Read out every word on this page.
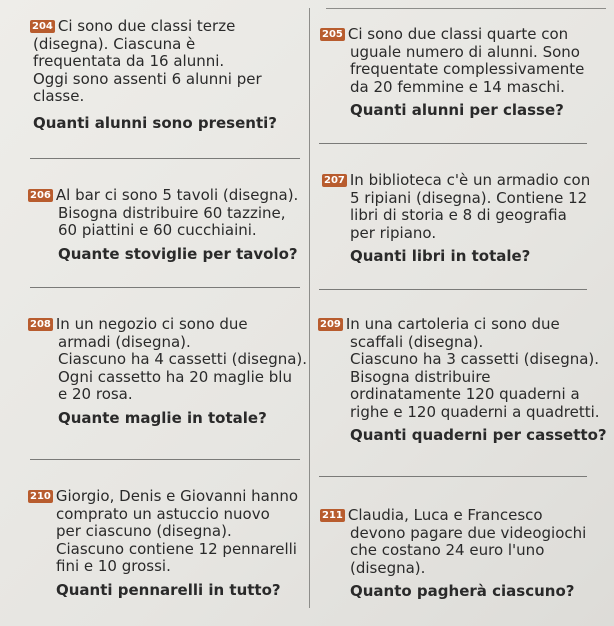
204 Ci sono due classi terze

(disegna). Ciascuna è

frequentata da 16 alunni.

Oggi sono assenti 6 alunni per

classe.

Quanti alunni sono presenti?

205 Ci sono due classi quarte con

uguale numero di alunni. Sono

frequentate complessivamente

da 20 femmine e 14 maschi.

Quanti alunni per classe?

206 Al bar ci sono 5 tavoli (disegna).

Bisogna distribuire 60 tazzine,

60 piattini e 60 cucchiaini.

Quante stoviglie per tavolo?

207 In biblioteca c'è un armadio con

5 ripiani (disegna). Contiene 12

libri di storia e 8 di geografia

per ripiano.

Quanti libri in totale?

208 In un negozio ci sono due

armadi (disegna).

Ciascuno ha 4 cassetti (disegna).

Ogni cassetto ha 20 maglie blu

e 20 rosa.

Quante maglie in totale?

209 In una cartoleria ci sono due

scaffali (disegna).

Ciascuno ha 3 cassetti (disegna).

Bisogna distribuire

ordinatamente 120 quaderni a

righe e 120 quaderni a quadretti.

Quanti quaderni per cassetto?

210 Giorgio, Denis e Giovanni hanno

comprato un astuccio nuovo

per ciascuno (disegna).

Ciascuno contiene 12 pennarelli

fini e 10 grossi.

Quanti pennarelli in tutto?

211 Claudia, Luca e Francesco

devono pagare due videogiochi

che costano 24 euro l'uno

(disegna).

Quanto pagherà ciascuno?
